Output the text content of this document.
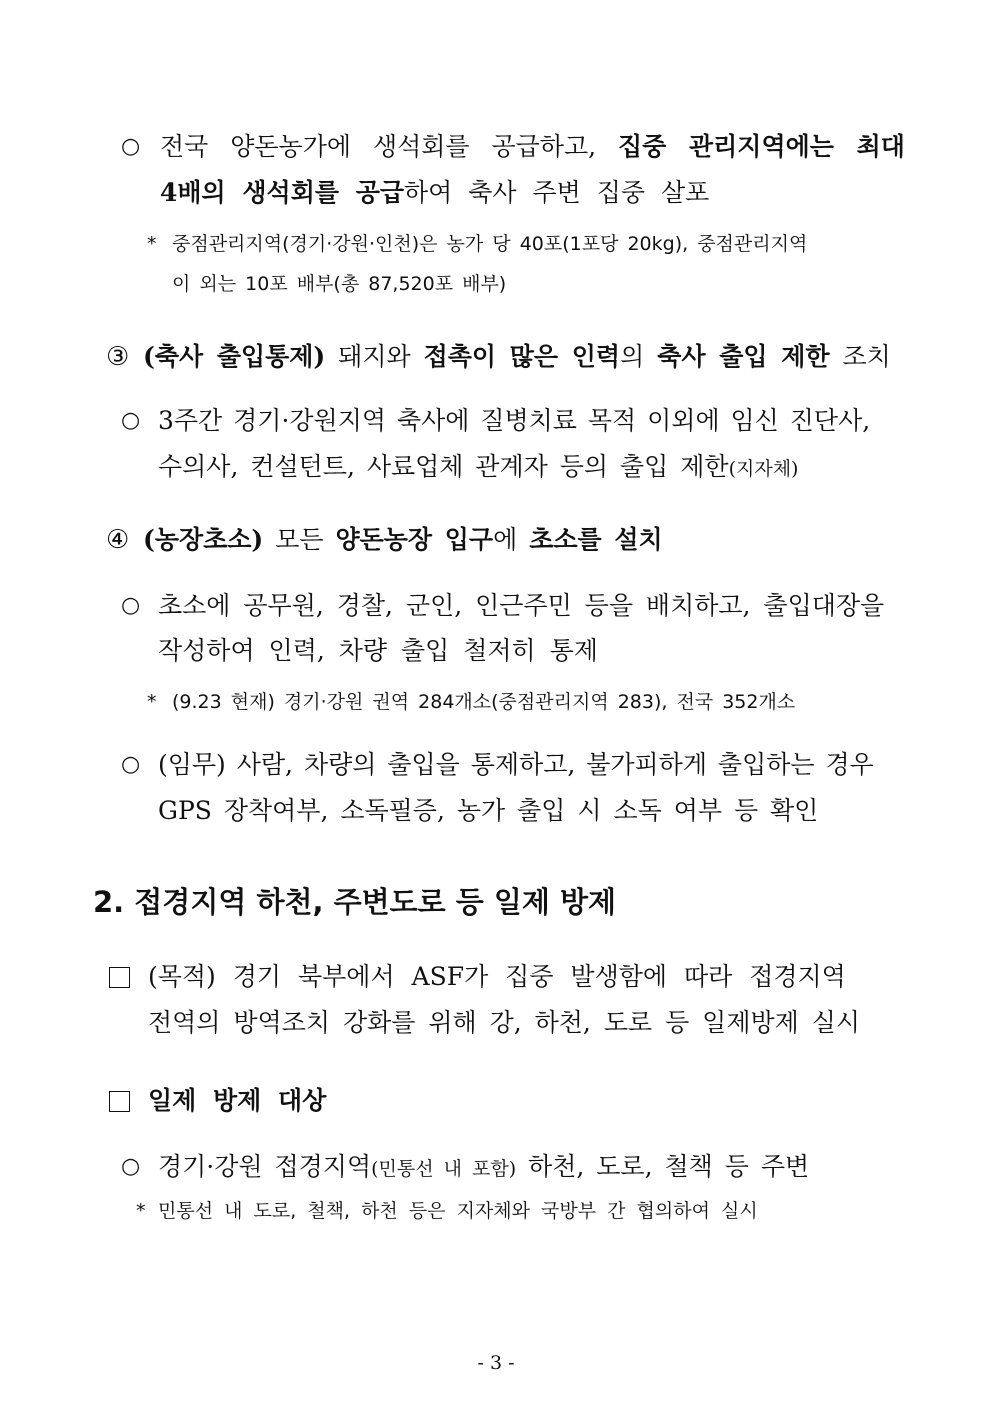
○ 전국 양돈농가에 생석회를 공급하고, 집중 관리지역에는 최대
4배의 생석회를 공급하여 축사 주변 집중 살포
* 중점관리지역(경기·강원·인천)은 농가 당 40포(1포당 20kg), 중점관리지역
이 외는 10포 배부(총 87,520포 배부)
③ (축사 출입통제) 돼지와 접촉이 많은 인력의 축사 출입 제한 조치
○ 3주간 경기·강원지역 축사에 질병치료 목적 이외에 임신 진단사,
수의사, 컨설턴트, 사료업체 관계자 등의 출입 제한(지자체)
④ (농장초소) 모든 양돈농장 입구에 초소를 설치
○ 초소에 공무원, 경찰, 군인, 인근주민 등을 배치하고, 출입대장을
작성하여 인력, 차량 출입 철저히 통제
* (9.23 현재) 경기·강원 권역 284개소(중점관리지역 283), 전국 352개소
○ (임무) 사람, 차량의 출입을 통제하고, 불가피하게 출입하는 경우
GPS 장착여부, 소독필증, 농가 출입 시 소독 여부 등 확인
2. 접경지역 하천, 주변도로 등 일제 방제
(목적) 경기 북부에서 ASF가 집중 발생함에 따라 접경지역
전역의 방역조치 강화를 위해 강, 하천, 도로 등 일제방제 실시
일제 방제 대상
○ 경기·강원 접경지역(민통선 내 포함) 하천, 도로, 철책 등 주변
* 민통선 내 도로, 철책, 하천 등은 지자체와 국방부 간 협의하여 실시
- 3 -
